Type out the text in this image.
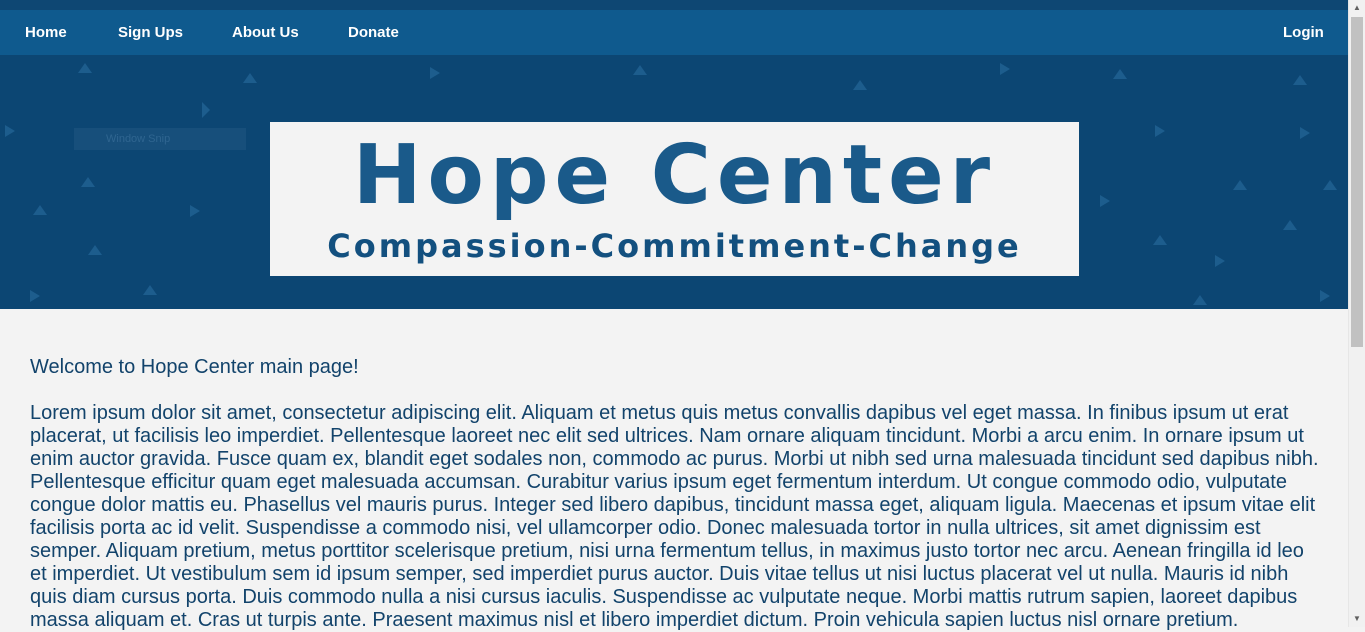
Home	Sign Ups	About Us	Donate	Login
Window Snip	Hope Center
Compassion-Commitment-Change

Welcome to Hope Center main page!

Lorem ipsum dolor sit amet, consectetur adipiscing elit. Aliquam et metus quis metus convallis dapibus vel eget massa. In finibus ipsum ut erat placerat, ut facilisis leo imperdiet. Pellentesque laoreet nec elit sed ultrices. Nam ornare aliquam tincidunt. Morbi a arcu enim. In ornare ipsum ut enim auctor gravida. Fusce quam ex, blandit eget sodales non, commodo ac purus. Morbi ut nibh sed urna malesuada tincidunt sed dapibus nibh. Pellentesque efficitur quam eget malesuada accumsan. Curabitur varius ipsum eget fermentum interdum. Ut congue commodo odio, vulputate congue dolor mattis eu. Phasellus vel mauris purus. Integer sed libero dapibus, tincidunt massa eget, aliquam ligula. Maecenas et ipsum vitae elit facilisis porta ac id velit. Suspendisse a commodo nisi, vel ullamcorper odio. Donec malesuada tortor in nulla ultrices, sit amet dignissim est semper. Aliquam pretium, metus porttitor scelerisque pretium, nisi urna fermentum tellus, in maximus justo tortor nec arcu. Aenean fringilla id leo et imperdiet. Ut vestibulum sem id ipsum semper, sed imperdiet purus auctor. Duis vitae tellus ut nisi luctus placerat vel ut nulla. Mauris id nibh quis diam cursus porta. Duis commodo nulla a nisi cursus iaculis. Suspendisse ac vulputate neque. Morbi mattis rutrum sapien, laoreet dapibus massa aliquam et. Cras ut turpis ante. Praesent maximus nisl et libero imperdiet dictum. Proin vehicula sapien luctus nisl ornare pretium.

▲
▼
